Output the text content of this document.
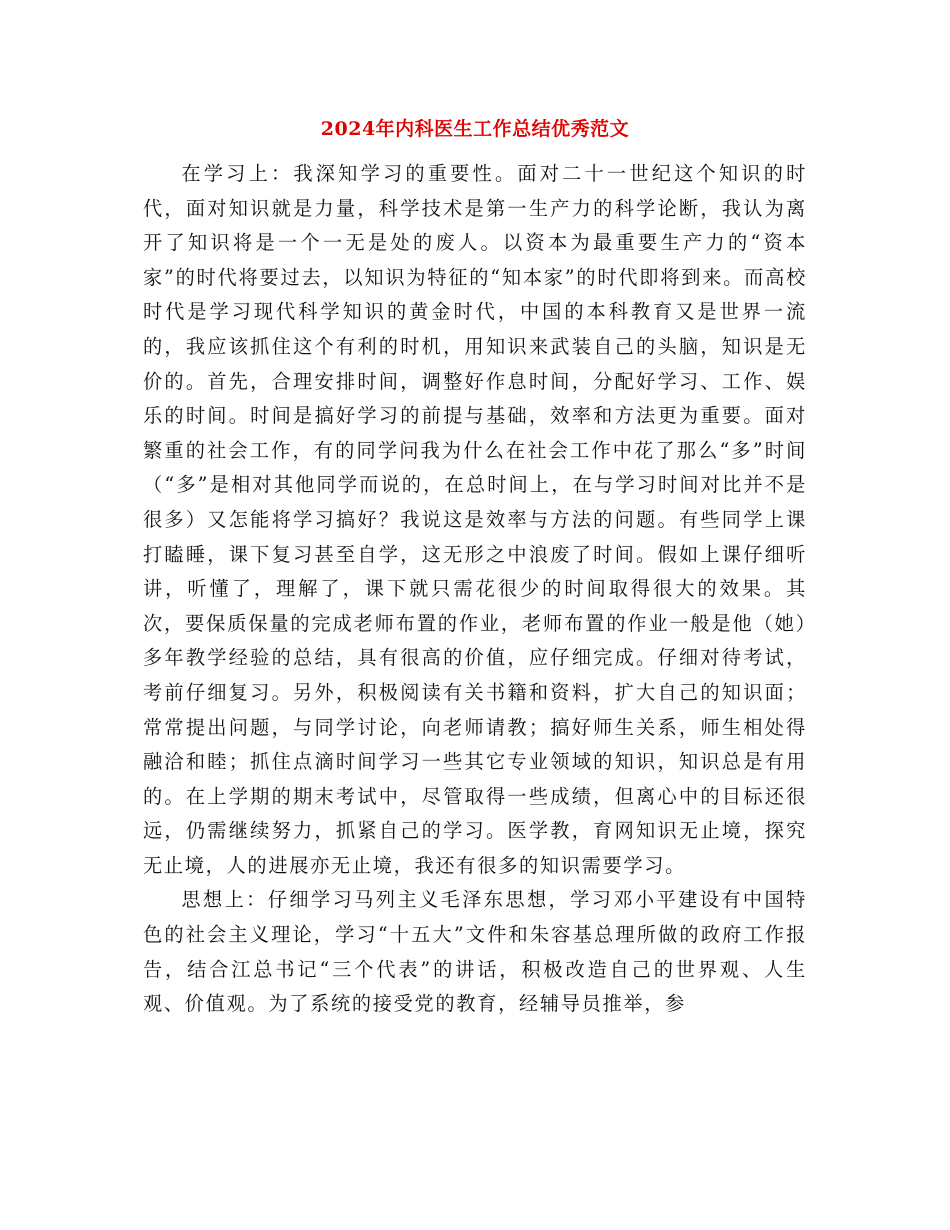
2024年内科医生工作总结优秀范文

在学习上：我深知学习的重要性。面对二十一世纪这个知识的时代，面对知识就是力量，科学技术是第一生产力的科学论断，我认为离开了知识将是一个一无是处的废人。以资本为最重要生产力的“资本家”的时代将要过去，以知识为特征的“知本家”的时代即将到来。而高校时代是学习现代科学知识的黄金时代，中国的本科教育又是世界一流的，我应该抓住这个有利的时机，用知识来武装自己的头脑，知识是无价的。首先，合理安排时间，调整好作息时间，分配好学习、工作、娱乐的时间。时间是搞好学习的前提与基础，效率和方法更为重要。面对繁重的社会工作，有的同学问我为什么在社会工作中花了那么“多”时间（“多”是相对其他同学而说的，在总时间上，在与学习时间对比并不是很多）又怎能将学习搞好？我说这是效率与方法的问题。有些同学上课打瞌睡，课下复习甚至自学，这无形之中浪废了时间。假如上课仔细听讲，听懂了，理解了，课下就只需花很少的时间取得很大的效果。其次，要保质保量的完成老师布置的作业，老师布置的作业一般是他（她）多年教学经验的总结，具有很高的价值，应仔细完成。仔细对待考试，考前仔细复习。另外，积极阅读有关书籍和资料，扩大自己的知识面；常常提出问题，与同学讨论，向老师请教；搞好师生关系，师生相处得融洽和睦；抓住点滴时间学习一些其它专业领域的知识，知识总是有用的。在上学期的期末考试中，尽管取得一些成绩，但离心中的目标还很远，仍需继续努力，抓紧自己的学习。医学教，育网知识无止境，探究无止境，人的进展亦无止境，我还有很多的知识需要学习。

思想上：仔细学习马列主义毛泽东思想，学习邓小平建设有中国特色的社会主义理论，学习“十五大”文件和朱容基总理所做的政府工作报告，结合江总书记“三个代表”的讲话，积极改造自己的世界观、人生观、价值观。为了系统的接受党的教育，经辅导员推举，参
